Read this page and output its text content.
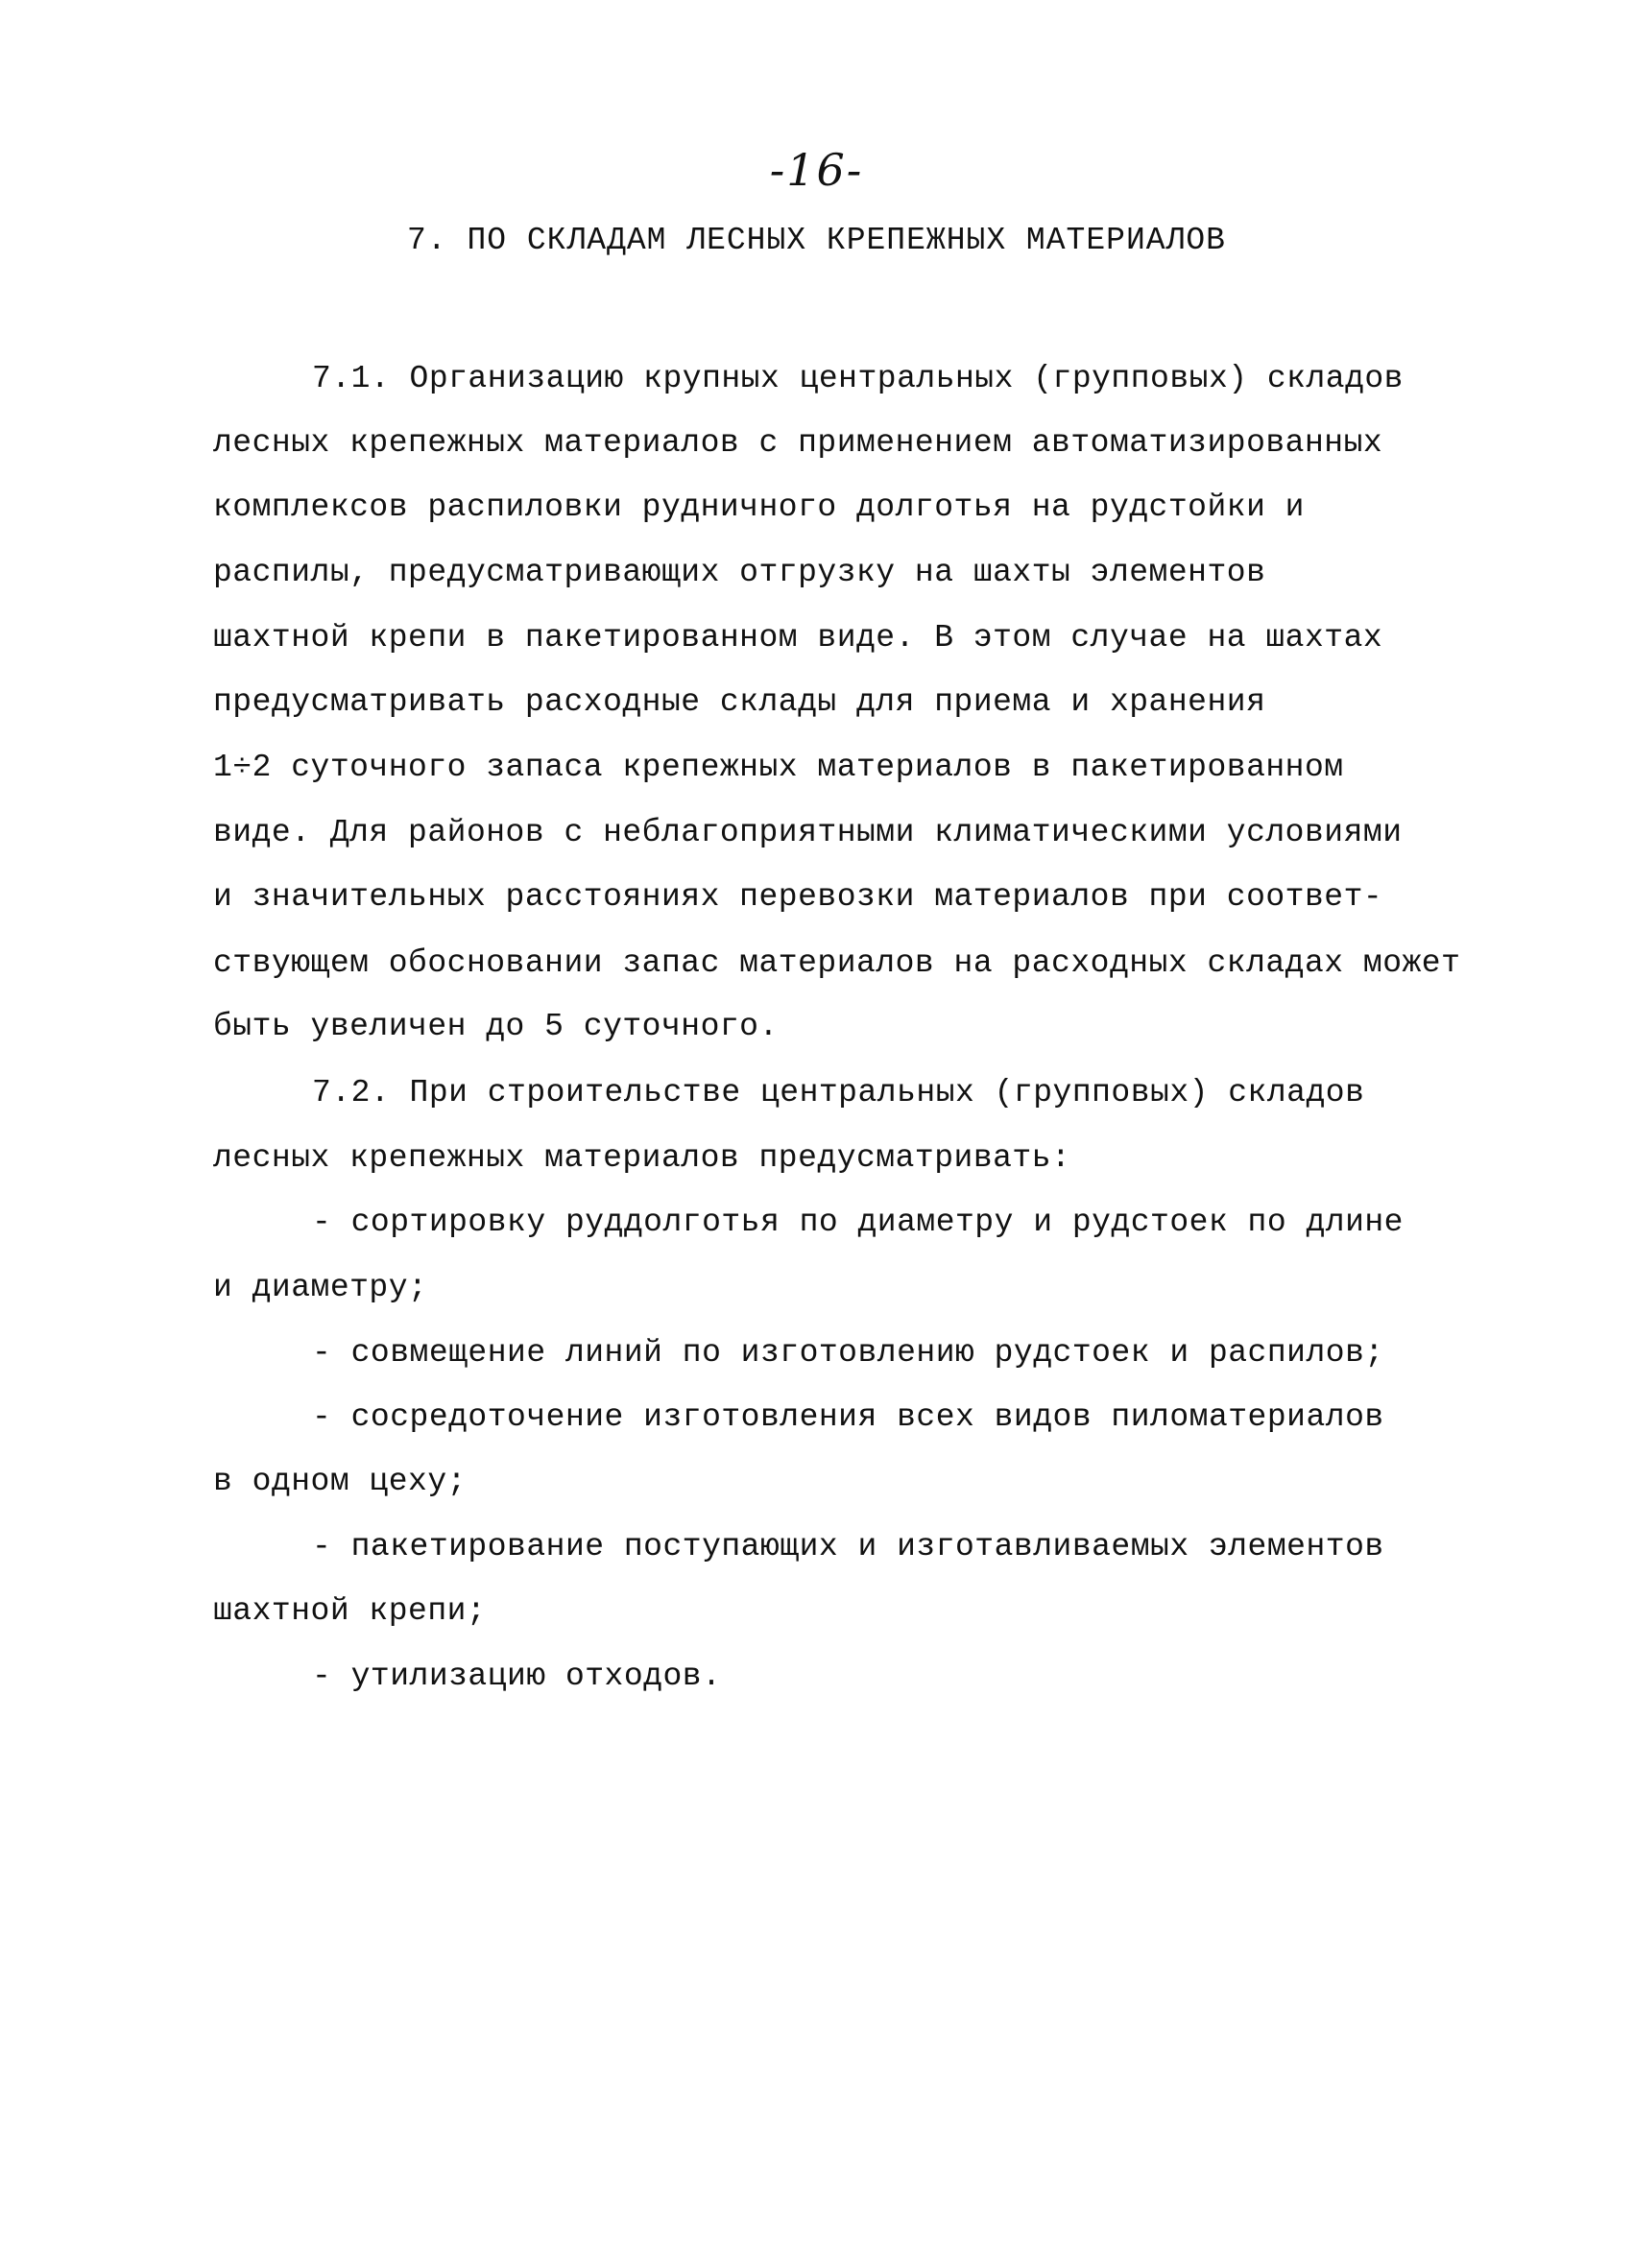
-16-
7. ПО СКЛАДАМ ЛЕСНЫХ КРЕПЕЖНЫХ МАТЕРИАЛОВ
7.1. Организацию крупных центральных (групповых) складов
лесных крепежных материалов с применением автоматизированных
комплексов распиловки рудничного долготья на рудстойки и
распилы, предусматривающих отгрузку на шахты элементов
шахтной крепи в пакетированном виде. В этом случае на шахтах
предусматривать расходные склады для приема и хранения
1÷2 суточного запаса крепежных материалов в пакетированном
виде. Для районов с неблагоприятными климатическими условиями
и значительных расстояниях перевозки материалов при соответ-
ствующем обосновании запас материалов на расходных складах может
быть увеличен до 5 суточного.
7.2. При строительстве центральных (групповых) складов
лесных крепежных материалов предусматривать:
- сортировку руддолготья по диаметру и рудстоек по длине
и диаметру;
- совмещение линий по изготовлению рудстоек и распилов;
- сосредоточение изготовления всех видов пиломатериалов
в одном цеху;
- пакетирование поступающих и изготавливаемых элементов
шахтной крепи;
- утилизацию отходов.
